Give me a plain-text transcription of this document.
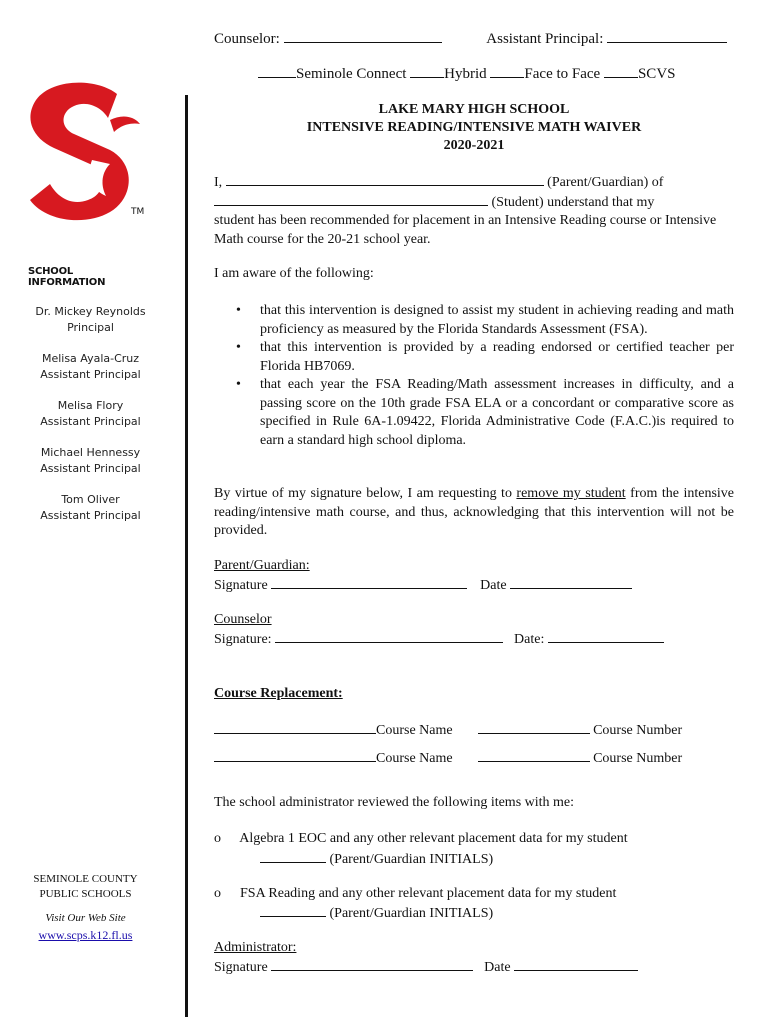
Counselor:	Assistant Principal:
Seminole Connect	Hybrid	Face to Face	SCVS
TM
SCHOOL INFORMATION
Dr. Mickey Reynolds
Principal
Melisa Ayala-Cruz
Assistant Principal
Melisa Flory
Assistant Principal
Michael Hennessy
Assistant Principal
Tom Oliver
Assistant Principal
SEMINOLE COUNTY
PUBLIC SCHOOLS
Visit Our Web Site
www.scps.k12.fl.us
LAKE MARY HIGH SCHOOL
INTENSIVE READING/INTENSIVE MATH WAIVER
2020-2021
I,	(Parent/Guardian) of
(Student) understand that my
student has been recommended for placement in an Intensive Reading course or Intensive Math course for the 20-21 school year.
I am aware of the following:
• that this intervention is designed to assist my student in achieving reading and math proficiency as measured by the Florida Standards Assessment (FSA).
• that this intervention is provided by a reading endorsed or certified teacher per Florida HB7069.
• that each year the FSA Reading/Math assessment increases in difficulty, and a passing score on the 10th grade FSA ELA or a concordant or comparative score as specified in Rule 6A-1.09422, Florida Administrative Code (F.A.C.)is required to earn a standard high school diploma.
By virtue of my signature below, I am requesting to remove my student from the intensive reading/intensive math course, and thus, acknowledging that this intervention will not be provided.
Parent/Guardian:
Signature	Date
Counselor
Signature:	Date:
Course Replacement:
Course Name	Course Number
Course Name	Course Number
The school administrator reviewed the following items with me:
o Algebra 1 EOC and any other relevant placement data for my student
(Parent/Guardian INITIALS)
o FSA Reading and any other relevant placement data for my student
(Parent/Guardian INITIALS)
Administrator:
Signature	Date
